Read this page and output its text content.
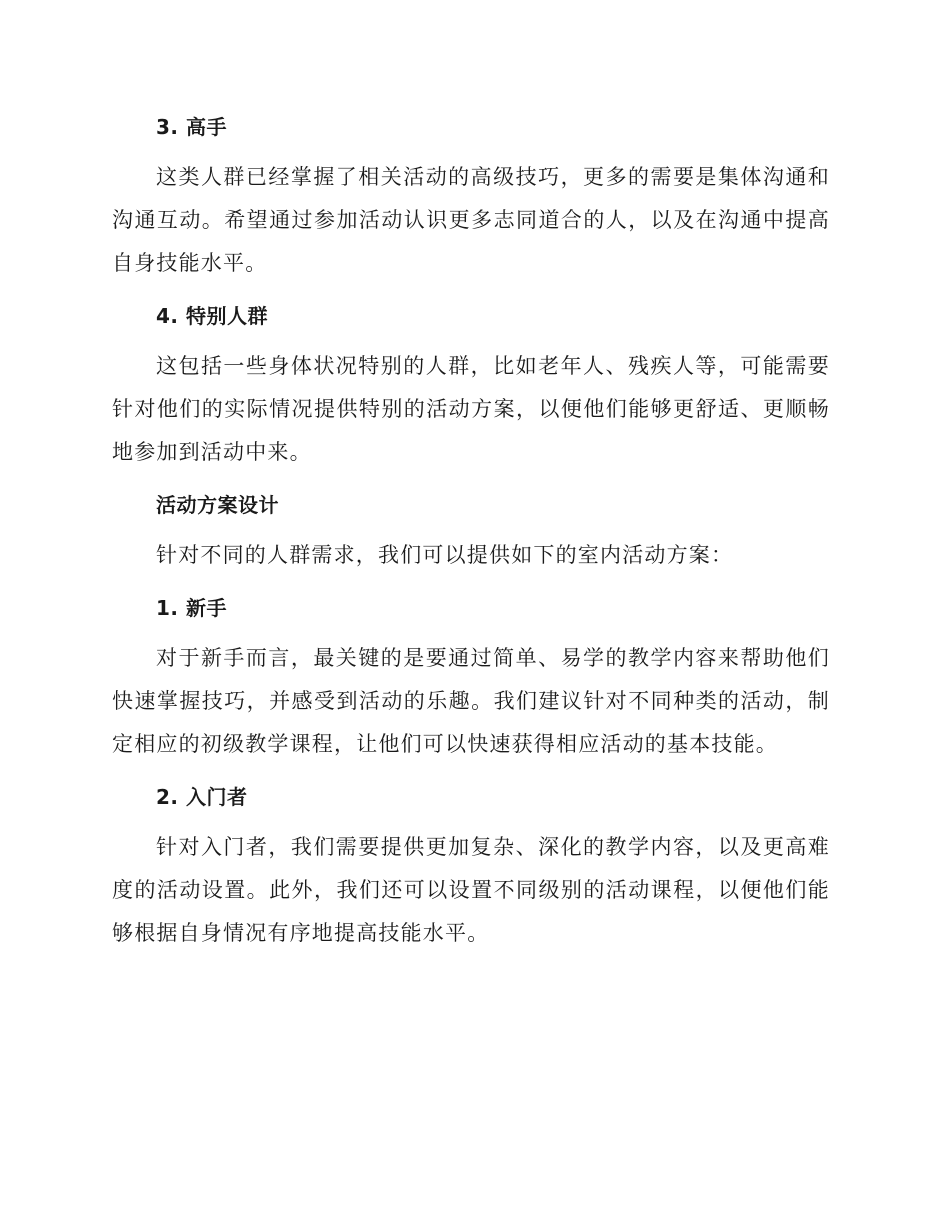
3. 高手

这类人群已经掌握了相关活动的高级技巧，更多的需要是集体沟通和沟通互动。希望通过参加活动认识更多志同道合的人，以及在沟通中提高自身技能水平。

4. 特别人群

这包括一些身体状况特别的人群，比如老年人、残疾人等，可能需要针对他们的实际情况提供特别的活动方案，以便他们能够更舒适、更顺畅地参加到活动中来。

活动方案设计

针对不同的人群需求，我们可以提供如下的室内活动方案：

1. 新手

对于新手而言，最关键的是要通过简单、易学的教学内容来帮助他们快速掌握技巧，并感受到活动的乐趣。我们建议针对不同种类的活动，制定相应的初级教学课程，让他们可以快速获得相应活动的基本技能。

2. 入门者

针对入门者，我们需要提供更加复杂、深化的教学内容，以及更高难度的活动设置。此外，我们还可以设置不同级别的活动课程，以便他们能够根据自身情况有序地提高技能水平。
